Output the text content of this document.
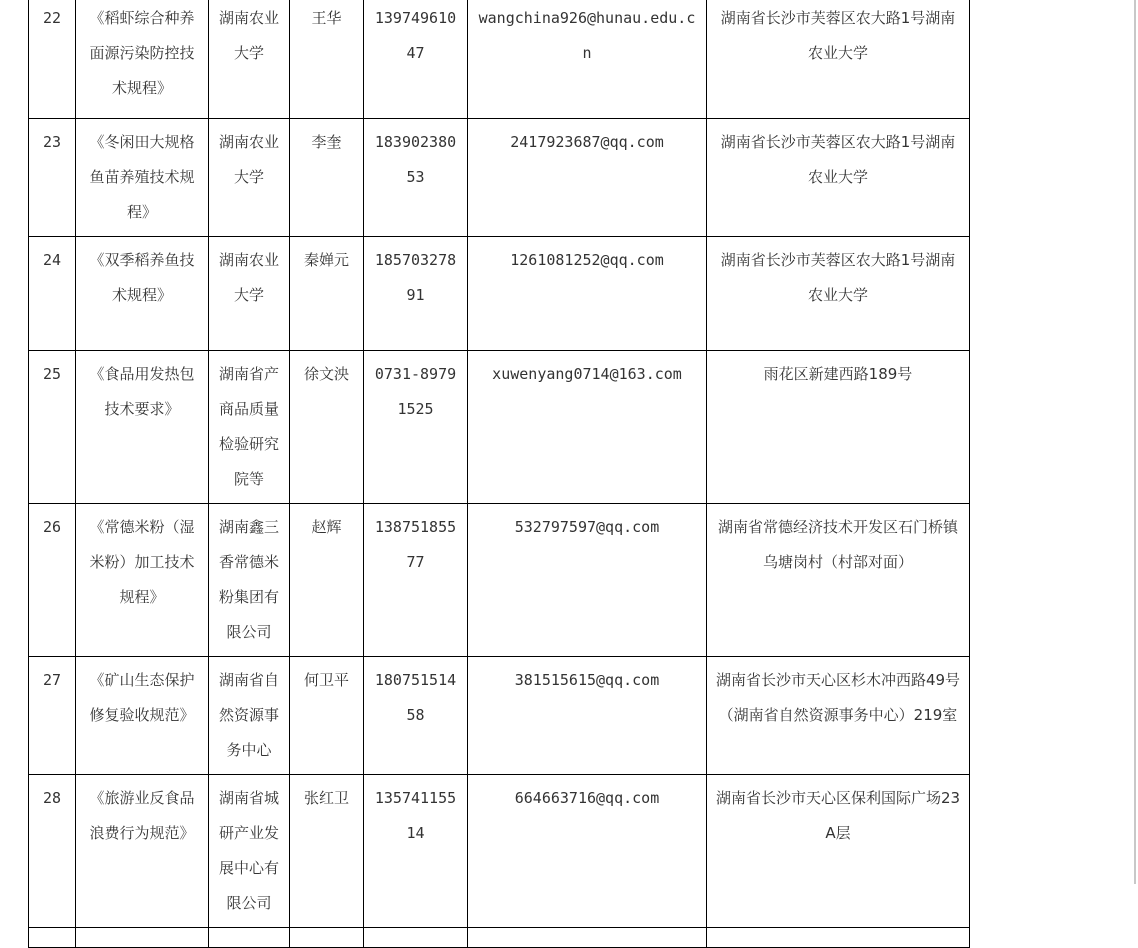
22	《稻虾综合种养面源污染防控技术规程》	湖南农业大学	王华	13974961047	wangchina926@hunau.edu.cn	湖南省长沙市芙蓉区农大路1号湖南农业大学
23	《冬闲田大规格鱼苗养殖技术规程》	湖南农业大学	李奎	18390238053	2417923687@qq.com	湖南省长沙市芙蓉区农大路1号湖南农业大学
24	《双季稻养鱼技术规程》	湖南农业大学	秦婵元	18570327891	1261081252@qq.com	湖南省长沙市芙蓉区农大路1号湖南农业大学
25	《食品用发热包技术要求》	湖南省产商品质量检验研究院等	徐文泱	0731-89791525	xuwenyang0714@163.com	雨花区新建西路189号
26	《常德米粉（湿米粉）加工技术规程》	湖南鑫三香常德米粉集团有限公司	赵辉	13875185577	532797597@qq.com	湖南省常德经济技术开发区石门桥镇乌塘岗村（村部对面）
27	《矿山生态保护修复验收规范》	湖南省自然资源事务中心	何卫平	18075151458	381515615@qq.com	湖南省长沙市天心区杉木冲西路49号（湖南省自然资源事务中心）219室
28	《旅游业反食品浪费行为规范》	湖南省城研产业发展中心有限公司	张红卫	13574115514	664663716@qq.com	湖南省长沙市天心区保利国际广场23A层
